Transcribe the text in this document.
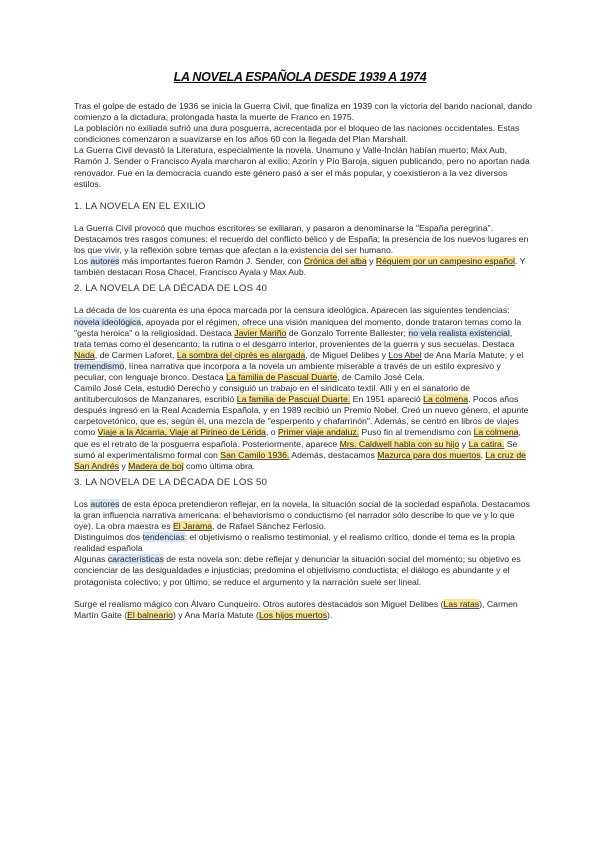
LA NOVELA ESPAÑOLA DESDE 1939 A 1974

Tras el golpe de estado de 1936 se inicia la Guerra Civil, que finaliza en 1939 con la victoria del bando nacional, dando comienzo a la dictadura, prolongada hasta la muerte de Franco en 1975.

La población no exiliada sufrió una dura posguerra, acrecentada por el bloqueo de las naciones occidentales. Estas condiciones comenzaron a suavizarse en los años 60 con la llegada del Plan Marshall.

La Guerra Civil devastó la Literatura, especialmente la novela. Unamuno y Valle-Inclán habían muerto; Max Aub, Ramón J. Sender o Francisco Ayala marcharon al exilio; Azorín y Pío Baroja, siguen publicando, pero no aportan nada renovador. Fue en la democracia cuando este género pasó a ser el más popular, y coexistieron a la vez diversos estilos.

1. LA NOVELA EN EL EXILIO

La Guerra Civil provocó que muchos escritores se exiliaran, y pasaron a denominarse la "España peregrina". Destacamos tres rasgos comunes: el recuerdo del conflicto bélico y de España; la presencia de los nuevos lugares en los que vivir, y la reflexión sobre temas que afectan a la existencia del ser humano.

Los autores más importantes fueron Ramón J. Sender, con Crónica del alba y Réquiem por un campesino español. Y también destacan Rosa Chacel, Francisco Ayala y Max Aub.

2. LA NOVELA DE LA DÉCADA DE LOS 40

La década de los cuarenta es una época marcada por la censura ideológica. Aparecen las siguientes tendencias: novela ideológica, apoyada por el régimen, ofrece una visión maniquea del momento, donde trataron temas como la "gesta heroica" o la religiosidad. Destaca Javier Mariño de Gonzalo Torrente Ballester; no vela realista existencial, trata temas como el desencanto, la rutina o el desgarro interior, provenientes de la guerra y sus secuelas. Destaca Nada, de Carmen Laforet, La sombra del ciprés es alargada, de Miguel Delibes y Los Abel de Ana María Matute; y el tremendismo, línea narrativa que incorpora a la novela un ambiente miserable a través de un estilo expresivo y peculiar, con lenguaje bronco. Destaca La familia de Pascual Duarte, de Camilo José Cela.

Camilo José Cela, estudió Derecho y consiguió un trabajo en el sindicato textil. Allí y en el sanatorio de antituberculosos de Manzanares, escribió La familia de Pascual Duarte. En 1951 apareció La colmena. Pocos años después ingresó en la Real Academia Española, y en 1989 recibió un Premio Nobel. Creó un nuevo género, el apunte carpetovetónico, que es, según él, una mezcla de "esperpento y chafarrinón". Además, se centró en libros de viajes como Viaje a la Alcarria, Viaje al Pirineo de Lérida, o Primer viaje andaluz. Puso fin al tremendismo con La colmena, que es el retrato de la posguerra española. Posteriormente, aparece Mrs. Caldwell habla con su hijo y La catira. Se sumó al experimentalismo formal con San Camilo 1936. Además, destacamos Mazurca para dos muertos, La cruz de San Andrés y Madera de boj como última obra.

3. LA NOVELA DE LA DÉCADA DE LOS 50

Los autores de esta época pretendieron reflejar, en la novela, la situación social de la sociedad española. Destacamos la gran influencia narrativa americana: el behaviorismo o conductismo (el narrador sólo describe lo que ve y lo que oye). La obra maestra es El Jarama, de Rafael Sánchez Ferlosio.

Distinguimos dos tendencias: el objetivismo o realismo testimonial, y el realismo crítico, donde el tema es la propia realidad española

Algunas características de esta novela son: debe reflejar y denunciar la situación social del momento; su objetivo es concienciar de las desigualdades e injusticias; predomina el objetivismo conductista; el diálogo es abundante y el protagonista colectivo; y por último, se reduce el argumento y la narración suele ser lineal.

Surge el realismo mágico con Álvaro Cunqueiro. Otros autores destacados son Miguel Delibes (Las ratas), Carmen Martín Gaite (El balneario) y Ana María Matute (Los hijos muertos).
